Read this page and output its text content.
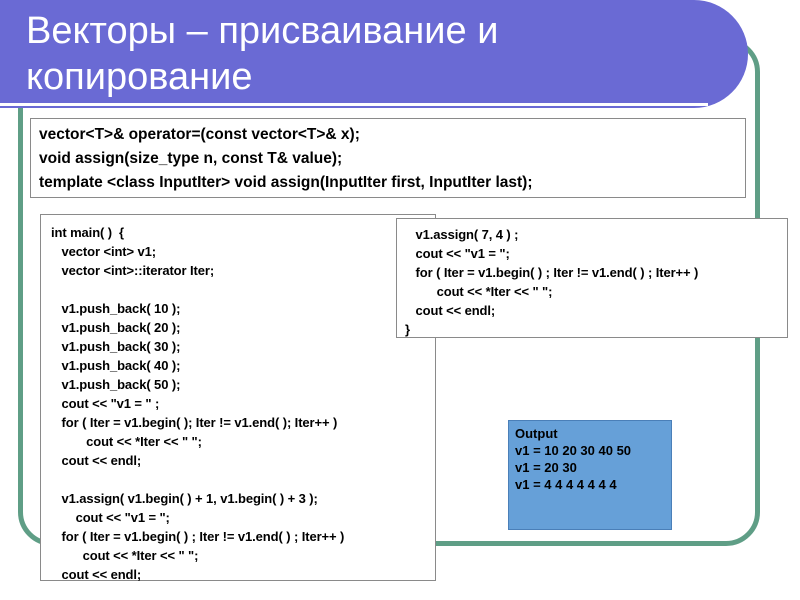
Векторы – присваивание и
копирование
vector<T>& operator=(const vector<T>& x);
void assign(size_type n, const T& value);
template <class InputIter> void assign(InputIter first, InputIter last);
int main( )  {
vector <int> v1;
vector <int>::iterator Iter;

v1.push_back( 10 );
v1.push_back( 20 );
v1.push_back( 30 );
v1.push_back( 40 );
v1.push_back( 50 );
cout << "v1 = " ;
for ( Iter = v1.begin( ); Iter != v1.end( ); Iter++ )
cout << *Iter << " ";
cout << endl;

v1.assign( v1.begin( ) + 1, v1.begin( ) + 3 );
cout << "v1 = ";
for ( Iter = v1.begin( ) ; Iter != v1.end( ) ; Iter++ )
cout << *Iter << " ";
cout << endl;
v1.assign( 7, 4 ) ;
cout << "v1 = ";
for ( Iter = v1.begin( ) ; Iter != v1.end( ) ; Iter++ )
cout << *Iter << " ";
cout << endl;
}
Output
v1 = 10 20 30 40 50
v1 = 20 30
v1 = 4 4 4 4 4 4 4
